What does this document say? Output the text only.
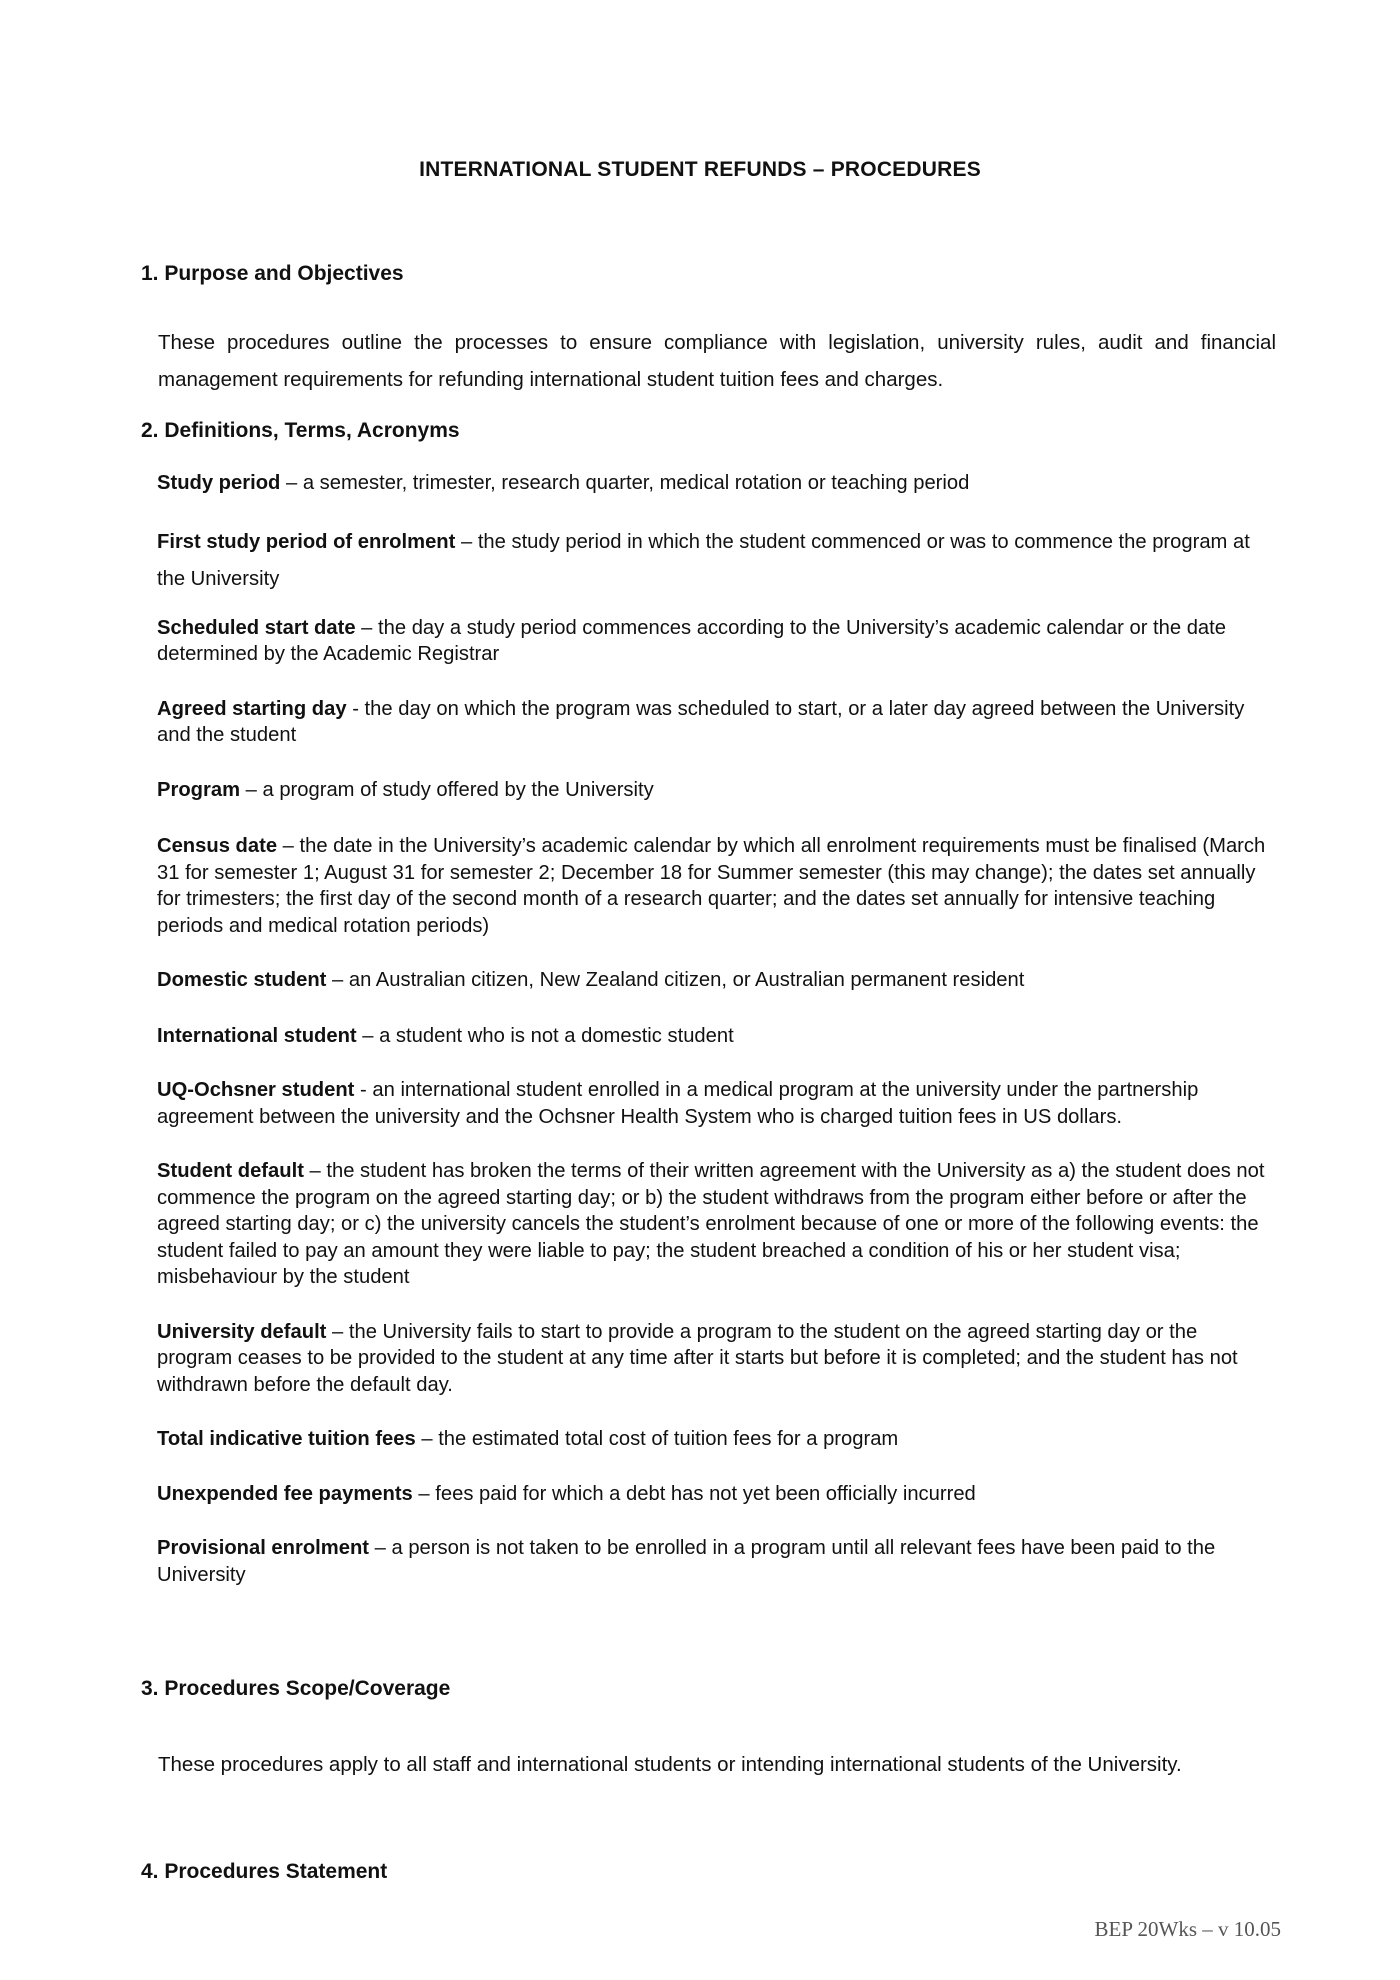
INTERNATIONAL STUDENT REFUNDS – PROCEDURES
1. Purpose and Objectives
These procedures outline the processes to ensure compliance with legislation, university rules, audit and financial management requirements for refunding international student tuition fees and charges.
2. Definitions, Terms, Acronyms
Study period – a semester, trimester, research quarter, medical rotation or teaching period
First study period of enrolment – the study period in which the student commenced or was to commence the program at the University
Scheduled start date – the day a study period commences according to the University’s academic calendar or the date determined by the Academic Registrar
Agreed starting day - the day on which the program was scheduled to start, or a later day agreed between the University and the student
Program – a program of study offered by the University
Census date – the date in the University’s academic calendar by which all enrolment requirements must be finalised (March 31 for semester 1; August 31 for semester 2; December 18 for Summer semester (this may change); the dates set annually for trimesters; the first day of the second month of a research quarter; and the dates set annually for intensive teaching periods and medical rotation periods)
Domestic student – an Australian citizen, New Zealand citizen, or Australian permanent resident
International student – a student who is not a domestic student
UQ-Ochsner student - an international student enrolled in a medical program at the university under the partnership agreement between the university and the Ochsner Health System who is charged tuition fees in US dollars.
Student default – the student has broken the terms of their written agreement with the University as a) the student does not commence the program on the agreed starting day; or b) the student withdraws from the program either before or after the agreed starting day; or c) the university cancels the student’s enrolment because of one or more of the following events: the student failed to pay an amount they were liable to pay; the student breached a condition of his or her student visa; misbehaviour by the student
University default – the University fails to start to provide a program to the student on the agreed starting day or the program ceases to be provided to the student at any time after it starts but before it is completed; and the student has not withdrawn before the default day.
Total indicative tuition fees – the estimated total cost of tuition fees for a program
Unexpended fee payments – fees paid for which a debt has not yet been officially incurred
Provisional enrolment – a person is not taken to be enrolled in a program until all relevant fees have been paid to the University
3. Procedures Scope/Coverage
These procedures apply to all staff and international students or intending international students of the University.
4. Procedures Statement
BEP 20Wks – v 10.05
